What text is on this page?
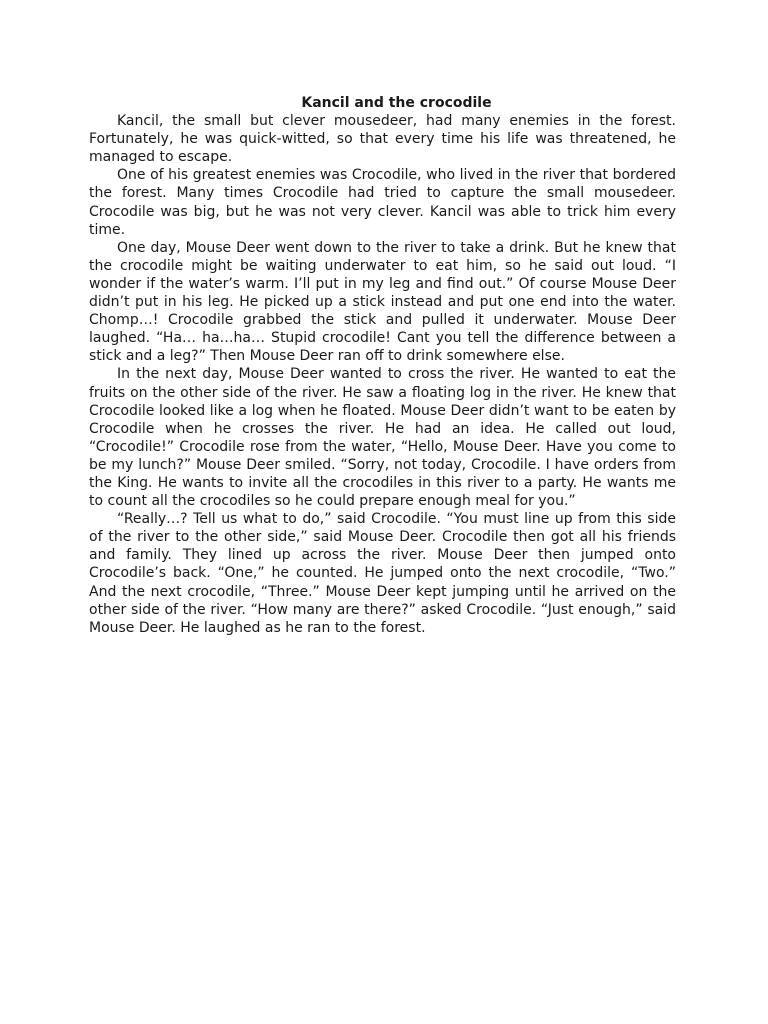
Kancil and the crocodile

Kancil, the small but clever mousedeer, had many enemies in the forest. Fortunately, he was quick-witted, so that every time his life was threatened, he managed to escape.

One of his greatest enemies was Crocodile, who lived in the river that bordered the forest. Many times Crocodile had tried to capture the small mousedeer. Crocodile was big, but he was not very clever. Kancil was able to trick him every time.

One day, Mouse Deer went down to the river to take a drink. But he knew that the crocodile might be waiting underwater to eat him, so he said out loud. “I wonder if the water’s warm. I’ll put in my leg and find out.” Of course Mouse Deer didn’t put in his leg. He picked up a stick instead and put one end into the water. Chomp…! Crocodile grabbed the stick and pulled it underwater. Mouse Deer laughed. “Ha… ha…ha… Stupid crocodile! Cant you tell the difference between a stick and a leg?” Then Mouse Deer ran off to drink somewhere else.

In the next day, Mouse Deer wanted to cross the river. He wanted to eat the fruits on the other side of the river. He saw a floating log in the river. He knew that Crocodile looked like a log when he floated. Mouse Deer didn’t want to be eaten by Crocodile when he crosses the river. He had an idea. He called out loud, “Crocodile!” Crocodile rose from the water, “Hello, Mouse Deer. Have you come to be my lunch?” Mouse Deer smiled. “Sorry, not today, Crocodile. I have orders from the King. He wants to invite all the crocodiles in this river to a party. He wants me to count all the crocodiles so he could prepare enough meal for you.”

“Really…? Tell us what to do,” said Crocodile. “You must line up from this side of the river to the other side,” said Mouse Deer. Crocodile then got all his friends and family. They lined up across the river. Mouse Deer then jumped onto Crocodile’s back. “One,” he counted. He jumped onto the next crocodile, “Two.” And the next crocodile, “Three.” Mouse Deer kept jumping until he arrived on the other side of the river. “How many are there?” asked Crocodile. “Just enough,” said Mouse Deer. He laughed as he ran to the forest.
